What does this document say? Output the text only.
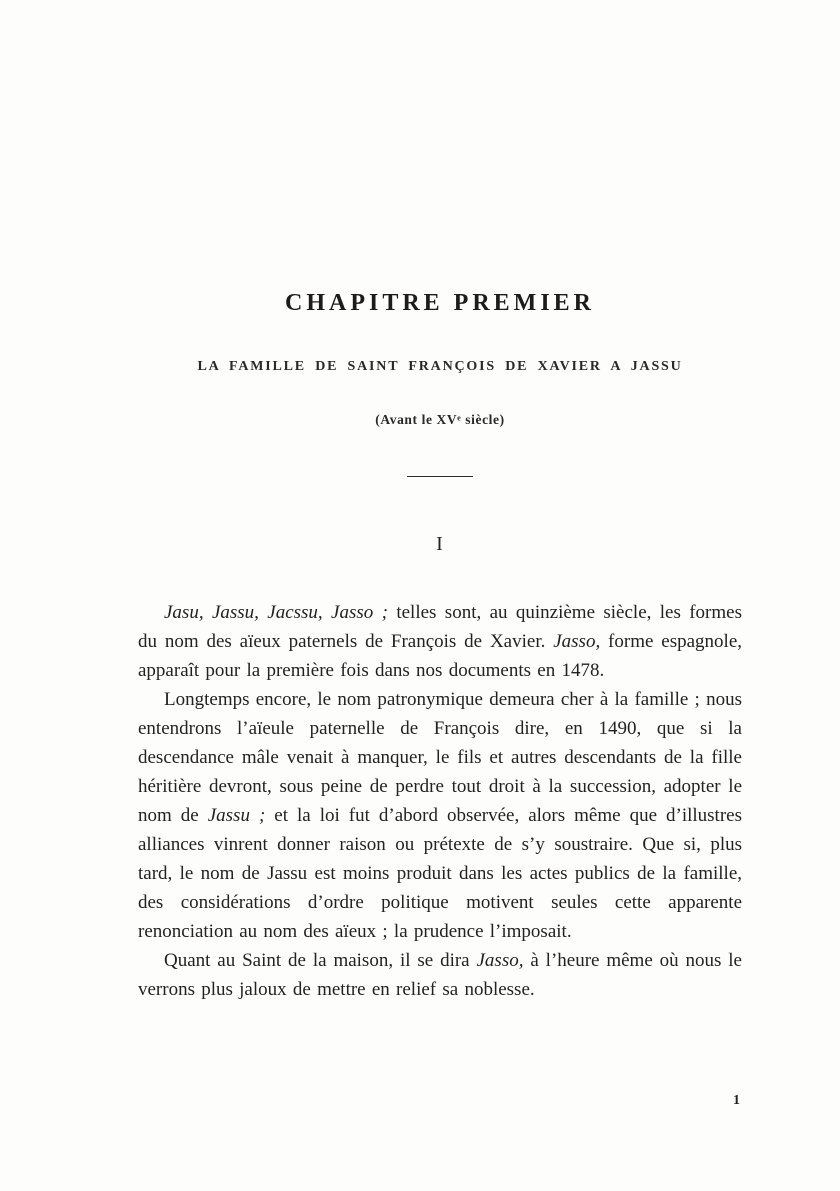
CHAPITRE PREMIER
LA FAMILLE DE SAINT FRANÇOIS DE XAVIER A JASSU
(Avant le XVᵉ siècle)
I

Jasu, Jassu, Jacssu, Jasso ; telles sont, au quinzième siècle, les formes du nom des aïeux paternels de François de Xavier. Jasso, forme espagnole, apparaît pour la première fois dans nos documents en 1478.

Longtemps encore, le nom patronymique demeura cher à la famille ; nous entendrons l’aïeule paternelle de François dire, en 1490, que si la descendance mâle venait à manquer, le fils et autres descendants de la fille héritière devront, sous peine de perdre tout droit à la succession, adopter le nom de Jassu ; et la loi fut d’abord observée, alors même que d’illustres alliances vinrent donner raison ou prétexte de s’y soustraire. Que si, plus tard, le nom de Jassu est moins produit dans les actes publics de la famille, des considérations d’ordre politique motivent seules cette apparente renonciation au nom des aïeux ; la prudence l’imposait.

Quant au Saint de la maison, il se dira Jasso, à l’heure même où nous le verrons plus jaloux de mettre en relief sa noblesse.

1
